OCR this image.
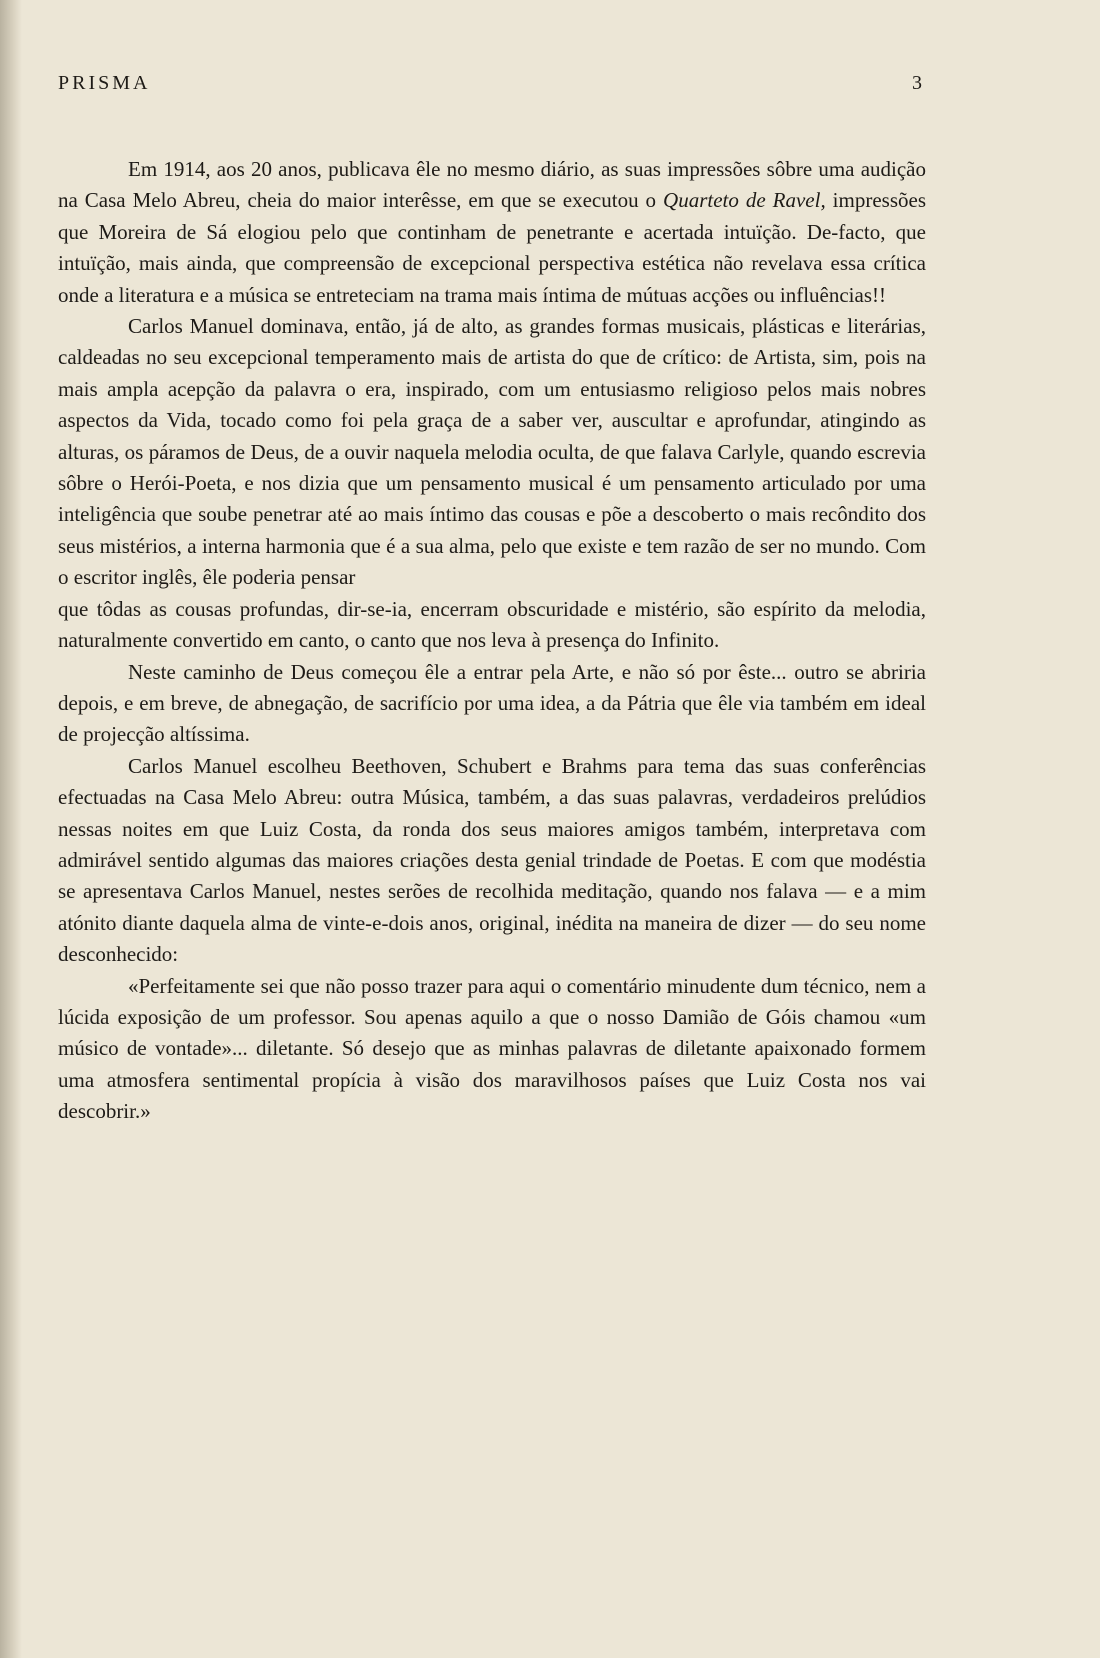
PRISMA	3

Em 1914, aos 20 anos, publicava êle no mesmo diário, as suas impressões sôbre uma audição na Casa Melo Abreu, cheia do maior interêsse, em que se executou o Quarteto de Ravel, impressões que Moreira de Sá elogiou pelo que continham de penetrante e acertada intuïção. De-facto, que intuïção, mais ainda, que compreensão de excepcional perspectiva estética não revelava essa crítica onde a literatura e a música se entreteciam na trama mais íntima de mútuas acções ou influências!!

Carlos Manuel dominava, então, já de alto, as grandes formas musicais, plásticas e literárias, caldeadas no seu excepcional temperamento mais de artista do que de crítico: de Artista, sim, pois na mais ampla acepção da palavra o era, inspirado, com um entusiasmo religioso pelos mais nobres aspectos da Vida, tocado como foi pela graça de a saber ver, auscultar e aprofundar, atingindo as alturas, os páramos de Deus, de a ouvir naquela melodia oculta, de que falava Carlyle, quando escrevia sôbre o Herói-Poeta, e nos dizia que um pensamento musical é um pensamento articulado por uma inteligência que soube penetrar até ao mais íntimo das cousas e põe a descoberto o mais recôndito dos seus mistérios, a interna harmonia que é a sua alma, pelo que existe e tem razão de ser no mundo. Com o escritor inglês, êle poderia pensar

que tôdas as cousas profundas, dir-se-ia, encerram obscuridade e mistério, são espírito da melodia, naturalmente convertido em canto, o canto que nos leva à presença do Infinito.

Neste caminho de Deus começou êle a entrar pela Arte, e não só por êste... outro se abriria depois, e em breve, de abnegação, de sacrifício por uma idea, a da Pátria que êle via também em ideal de projecção altíssima.

Carlos Manuel escolheu Beethoven, Schubert e Brahms para tema das suas conferências efectuadas na Casa Melo Abreu: outra Música, também, a das suas palavras, verdadeiros prelúdios nessas noites em que Luiz Costa, da ronda dos seus maiores amigos também, interpretava com admirável sentido algumas das maiores criações desta genial trindade de Poetas. E com que modéstia se apresentava Carlos Manuel, nestes serões de recolhida meditação, quando nos falava — e a mim atónito diante daquela alma de vinte-e-dois anos, original, inédita na maneira de dizer — do seu nome desconhecido:

«Perfeitamente sei que não posso trazer para aqui o comentário minudente dum técnico, nem a lúcida exposição de um professor. Sou apenas aquilo a que o nosso Damião de Góis chamou «um músico de vontade»... diletante. Só desejo que as minhas palavras de diletante apaixonado formem uma atmosfera sentimental propícia à visão dos maravilhosos países que Luiz Costa nos vai descobrir.»
